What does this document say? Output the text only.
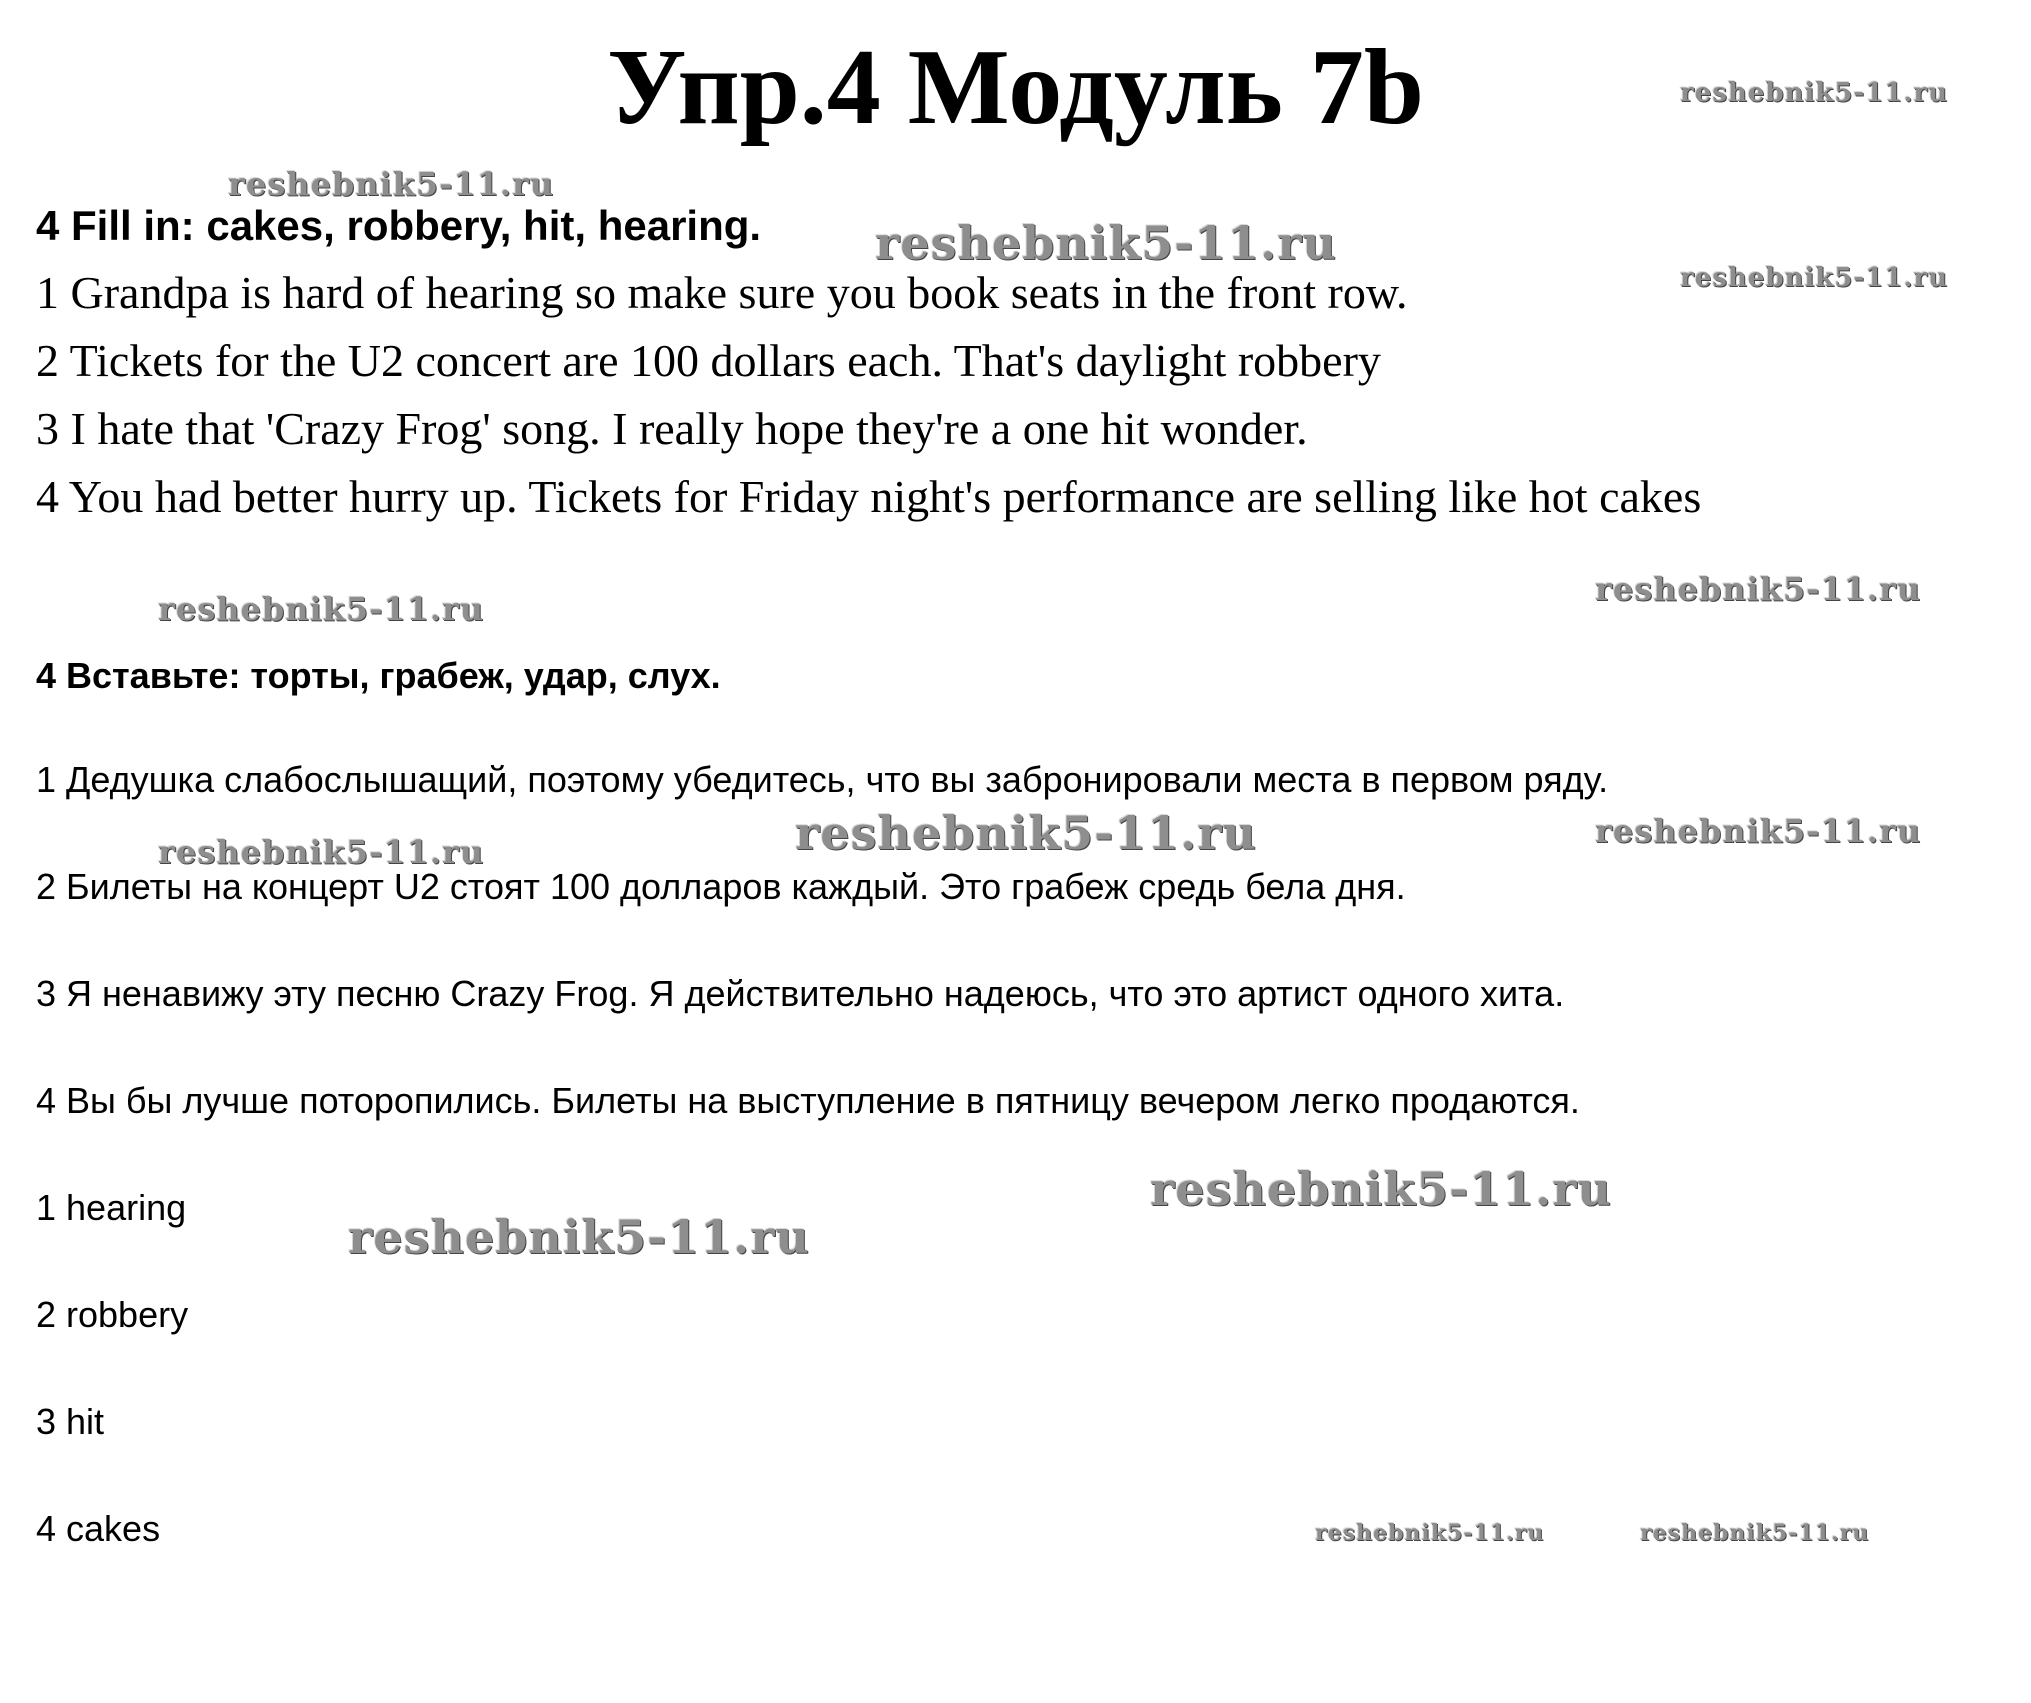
Упр.4 Модуль 7b

4 Fill in: cakes, robbery, hit, hearing.

1 Grandpa is hard of hearing so make sure you book seats in the front row.

2 Tickets for the U2 concert are 100 dollars each. That's daylight robbery

3 I hate that 'Crazy Frog' song. I really hope they're a one hit wonder.

4 You had better hurry up. Tickets for Friday night's performance are selling like hot cakes

4 Вставьте: торты, грабеж, удар, слух.

1 Дедушка слабослышащий, поэтому убедитесь, что вы забронировали места в первом ряду.

2 Билеты на концерт U2 стоят 100 долларов каждый. Это грабеж средь бела дня.

3 Я ненавижу эту песню Crazy Frog. Я действительно надеюсь, что это артист одного хита.

4 Вы бы лучше поторопились. Билеты на выступление в пятницу вечером легко продаются.

1 hearing

2 robbery

3 hit

4 cakes

reshebnik5-11.ru
reshebnik5-11.ru
reshebnik5-11.ru
reshebnik5-11.ru
reshebnik5-11.ru
reshebnik5-11.ru
reshebnik5-11.ru	reshebnik5-11.ru
reshebnik5-11.ru
reshebnik5-11.ru
reshebnik5-11.ru
reshebnik5-11.ru	reshebnik5-11.ru
